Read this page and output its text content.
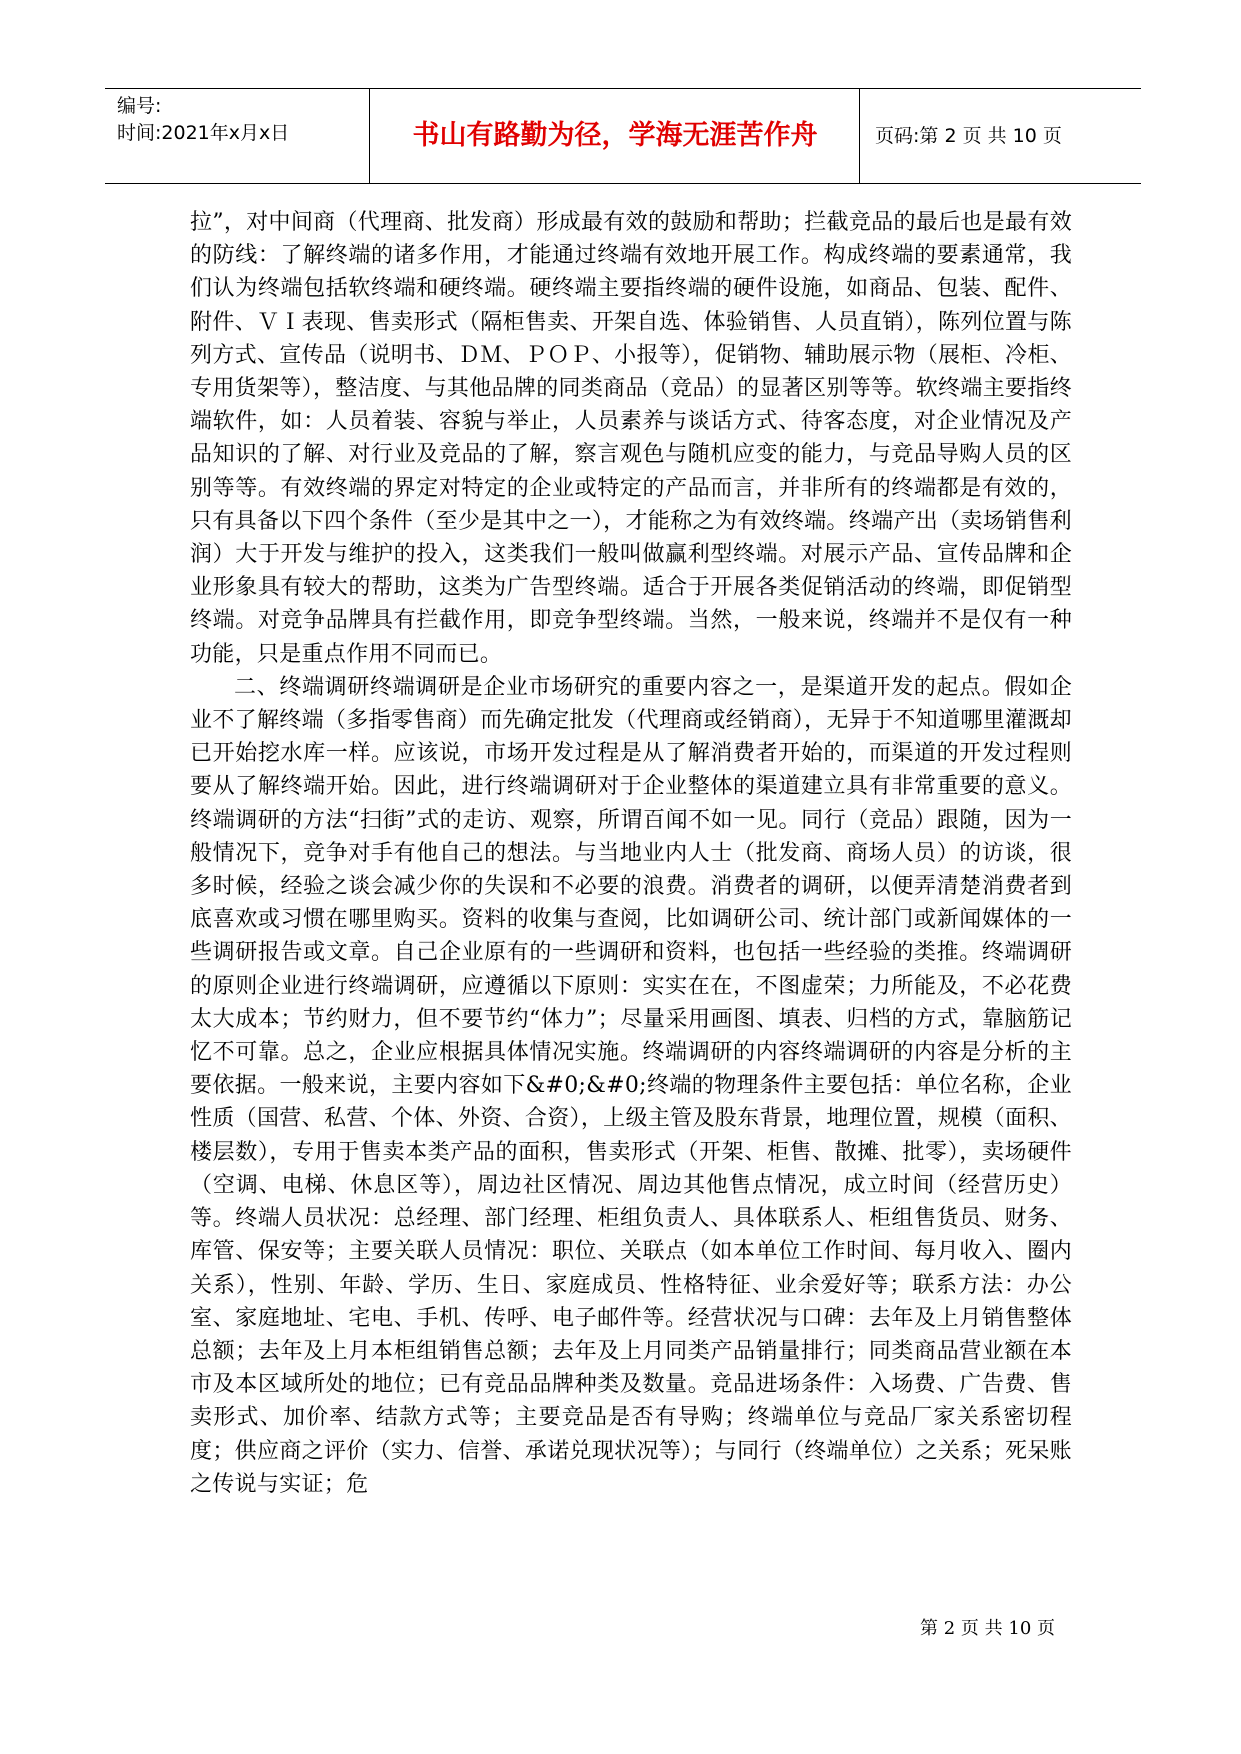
编号:
时间:2021年x月x日	书山有路勤为径，学海无涯苦作舟	页码:第 2 页 共 10 页

拉”，对中间商（代理商、批发商）形成最有效的鼓励和帮助；拦截竞品的最后也是最有效的防线：了解终端的诸多作用，才能通过终端有效地开展工作。构成终端的要素通常，我们认为终端包括软终端和硬终端。硬终端主要指终端的硬件设施，如商品、包装、配件、附件、ＶＩ表现、售卖形式（隔柜售卖、开架自选、体验销售、人员直销），陈列位置与陈列方式、宣传品（说明书、ＤＭ、ＰＯＰ、小报等），促销物、辅助展示物（展柜、冷柜、专用货架等），整洁度、与其他品牌的同类商品（竞品）的显著区别等等。软终端主要指终端软件，如：人员着装、容貌与举止，人员素养与谈话方式、待客态度，对企业情况及产品知识的了解、对行业及竞品的了解，察言观色与随机应变的能力，与竞品导购人员的区别等等。有效终端的界定对特定的企业或特定的产品而言，并非所有的终端都是有效的，只有具备以下四个条件（至少是其中之一），才能称之为有效终端。终端产出（卖场销售利润）大于开发与维护的投入，这类我们一般叫做赢利型终端。对展示产品、宣传品牌和企业形象具有较大的帮助，这类为广告型终端。适合于开展各类促销活动的终端，即促销型终端。对竞争品牌具有拦截作用，即竞争型终端。当然，一般来说，终端并不是仅有一种功能，只是重点作用不同而已。

二、终端调研终端调研是企业市场研究的重要内容之一，是渠道开发的起点。假如企业不了解终端（多指零售商）而先确定批发（代理商或经销商），无异于不知道哪里灌溉却已开始挖水库一样。应该说，市场开发过程是从了解消费者开始的，而渠道的开发过程则要从了解终端开始。因此，进行终端调研对于企业整体的渠道建立具有非常重要的意义。终端调研的方法“扫街”式的走访、观察，所谓百闻不如一见。同行（竞品）跟随，因为一般情况下，竞争对手有他自己的想法。与当地业内人士（批发商、商场人员）的访谈，很多时候，经验之谈会减少你的失误和不必要的浪费。消费者的调研，以便弄清楚消费者到底喜欢或习惯在哪里购买。资料的收集与查阅，比如调研公司、统计部门或新闻媒体的一些调研报告或文章。自己企业原有的一些调研和资料，也包括一些经验的类推。终端调研的原则企业进行终端调研，应遵循以下原则：实实在在，不图虚荣；力所能及，不必花费太大成本；节约财力，但不要节约“体力”；尽量采用画图、填表、归档的方式，靠脑筋记忆不可靠。总之，企业应根据具体情况实施。终端调研的内容终端调研的内容是分析的主要依据。一般来说，主要内容如下&#0;&#0;终端的物理条件主要包括：单位名称，企业性质（国营、私营、个体、外资、合资），上级主管及股东背景，地理位置，规模（面积、楼层数），专用于售卖本类产品的面积，售卖形式（开架、柜售、散摊、批零），卖场硬件（空调、电梯、休息区等），周边社区情况、周边其他售点情况，成立时间（经营历史）等。终端人员状况：总经理、部门经理、柜组负责人、具体联系人、柜组售货员、财务、库管、保安等；主要关联人员情况：职位、关联点（如本单位工作时间、每月收入、圈内关系），性别、年龄、学历、生日、家庭成员、性格特征、业余爱好等；联系方法：办公室、家庭地址、宅电、手机、传呼、电子邮件等。经营状况与口碑：去年及上月销售整体总额；去年及上月本柜组销售总额；去年及上月同类产品销量排行；同类商品营业额在本市及本区域所处的地位；已有竞品品牌种类及数量。竞品进场条件：入场费、广告费、售卖形式、加价率、结款方式等；主要竞品是否有导购；终端单位与竞品厂家关系密切程度；供应商之评价（实力、信誉、承诺兑现状况等）；与同行（终端单位）之关系；死呆账之传说与实证；危

第 2 页 共 10 页
